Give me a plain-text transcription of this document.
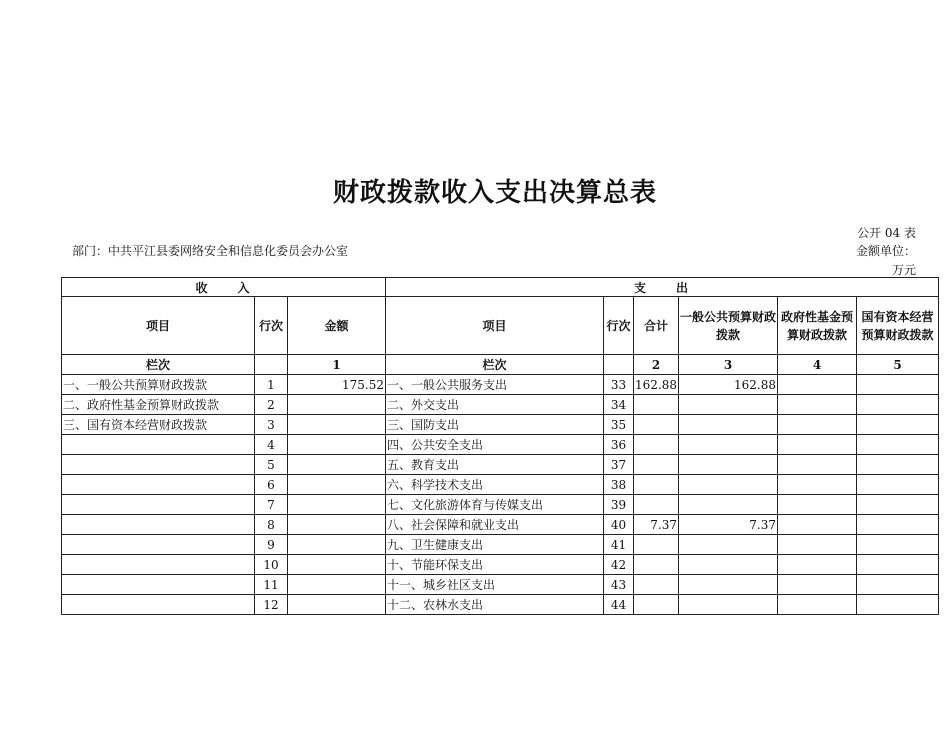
财政拨款收入支出决算总表
公开 04 表
部门：中共平江县委网络安全和信息化委员会办公室	金额单位：
万元
收　　入			支　　出					
项目	行次	金额	项目	行次	合计	一般公共预算财政拨款	政府性基金预算财政拨款	国有资本经营预算财政拨款
栏次		1	栏次		2	3	4	5
一、一般公共预算财政拨款	1	175.52	一、一般公共服务支出	33	162.88	162.88		
二、政府性基金预算财政拨款	2		二、外交支出	34				
三、国有资本经营财政拨款	3		三、国防支出	35				
	4		四、公共安全支出	36				
	5		五、教育支出	37				
	6		六、科学技术支出	38				
	7		七、文化旅游体育与传媒支出	39				
	8		八、社会保障和就业支出	40	7.37	7.37		
	9		九、卫生健康支出	41				
	10		十、节能环保支出	42				
	11		十一、城乡社区支出	43				
	12		十二、农林水支出	44				
